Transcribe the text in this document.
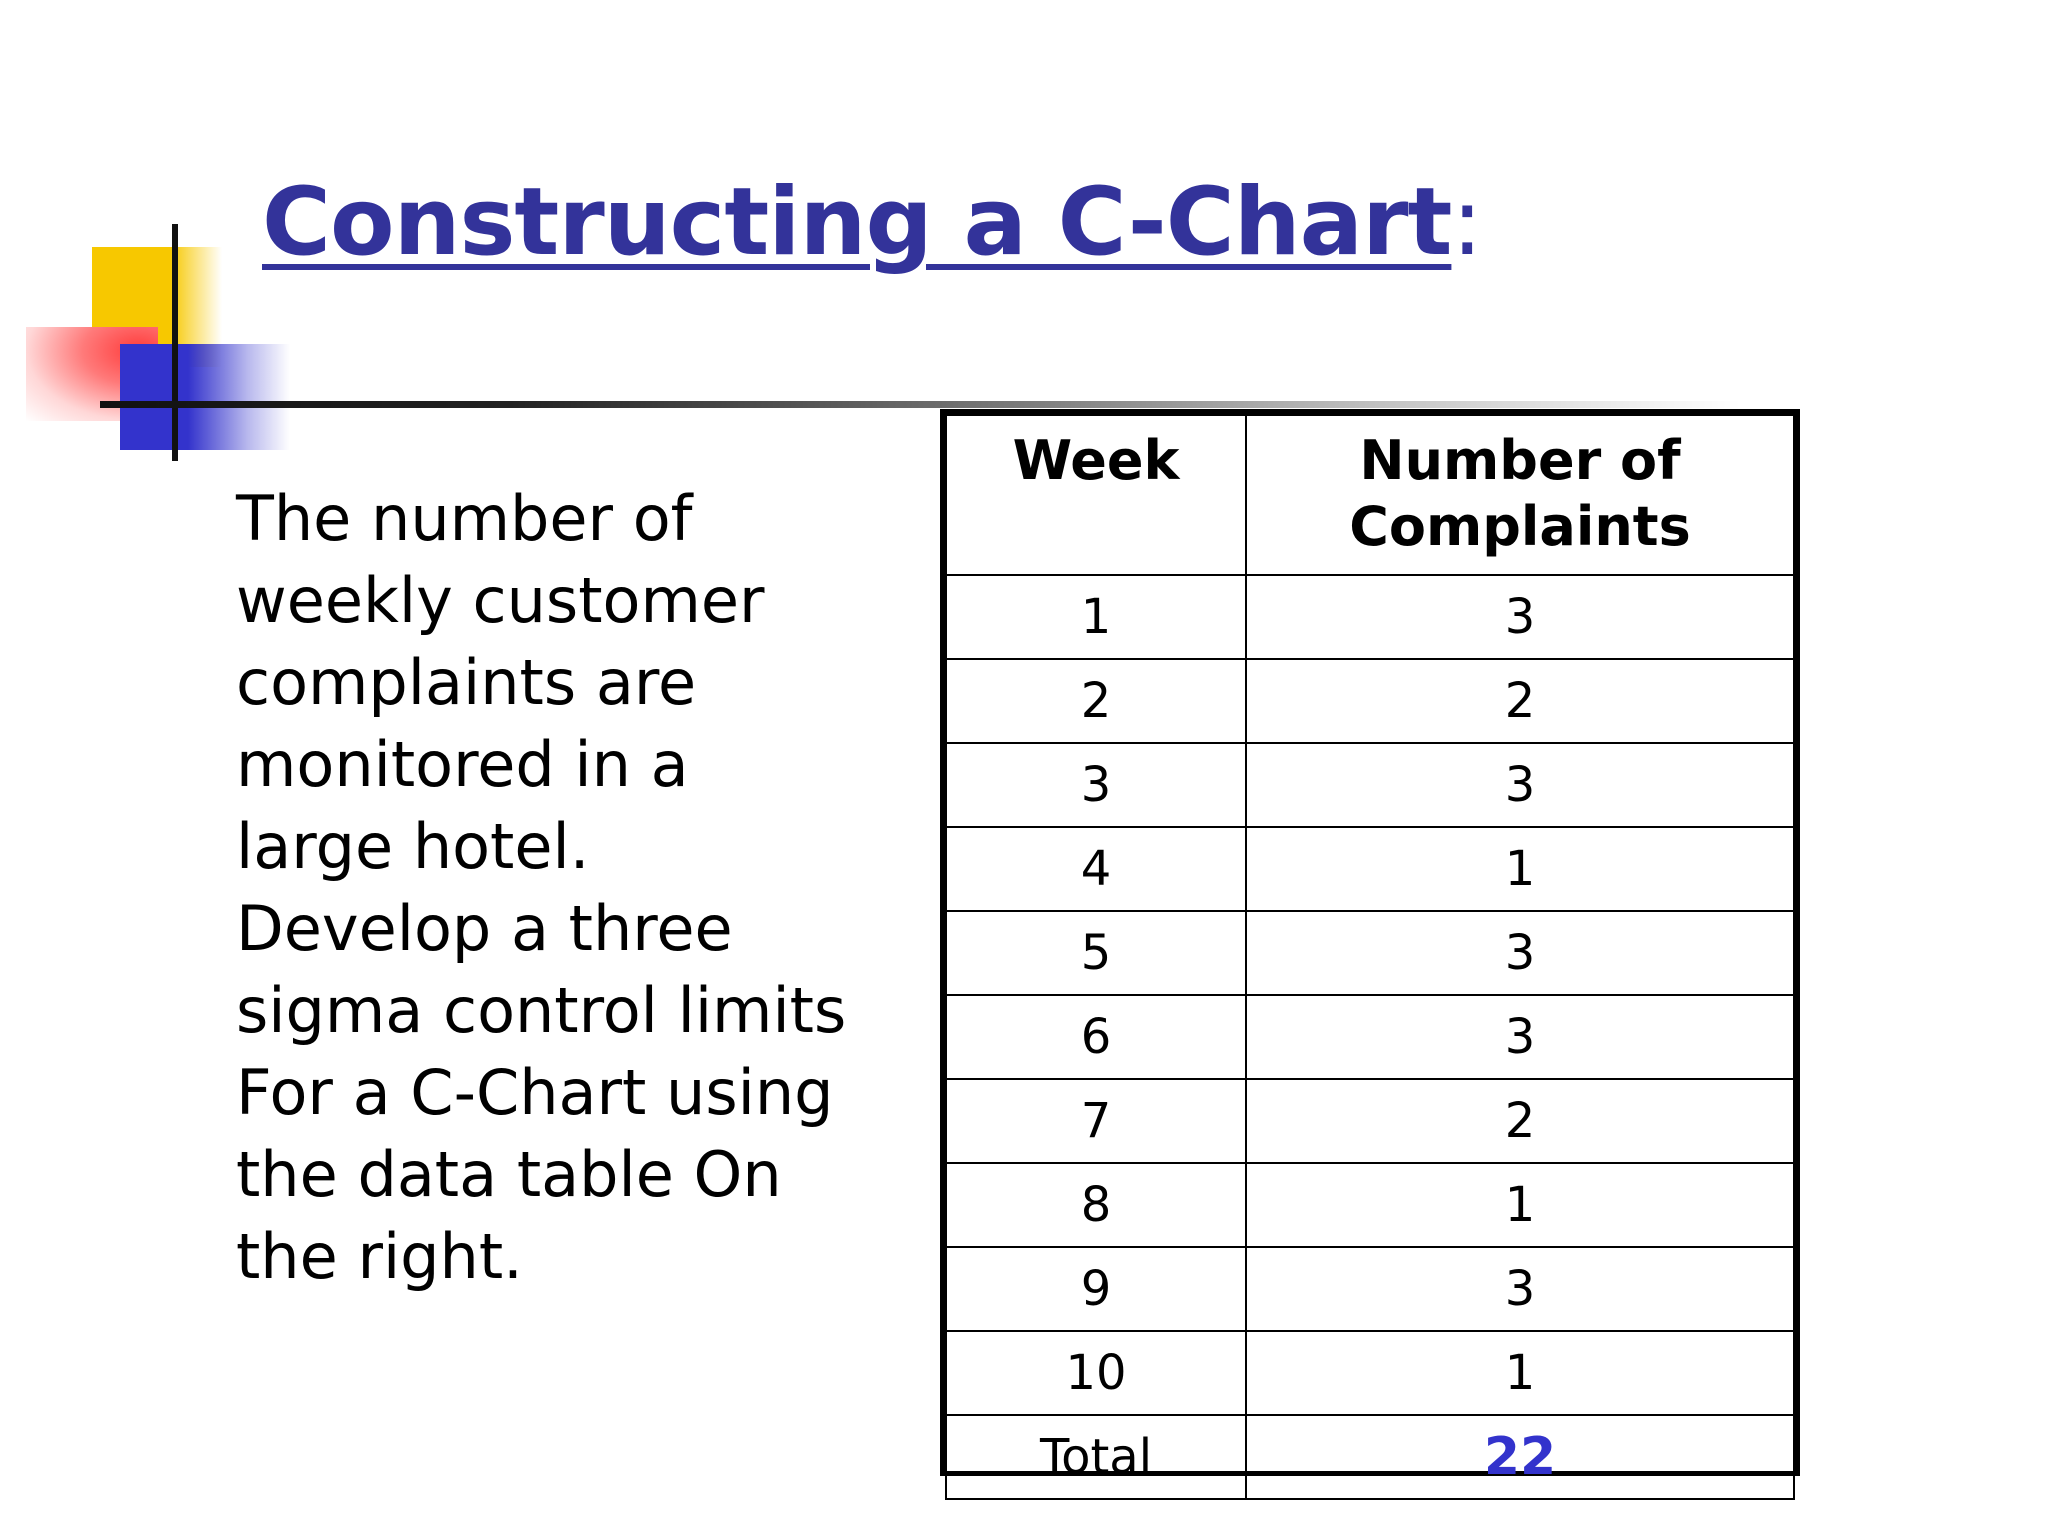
Constructing a C-Chart:
The number of weekly customer complaints are monitored in a large hotel. Develop a three sigma control limits For a C-Chart using the data table On the right.
Week	Number of Complaints
1	3
2	2
3	3
4	1
5	3
6	3
7	2
8	1
9	3
10	1
Total	22
